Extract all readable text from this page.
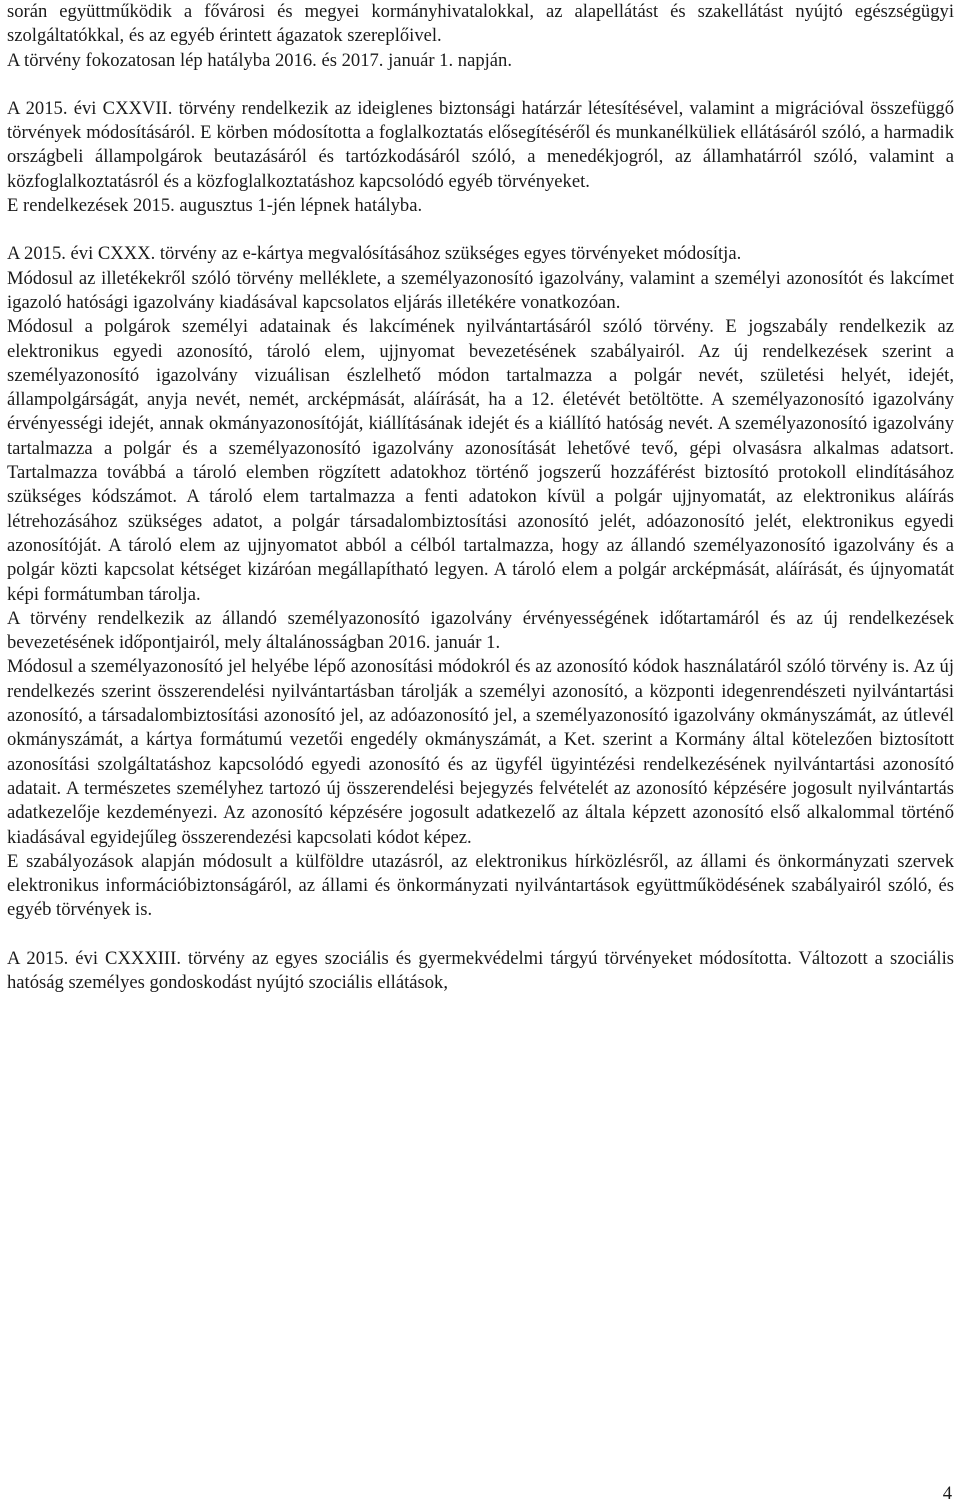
során együttműködik a fővárosi és megyei kormányhivatalokkal, az alapellátást és szakellátást nyújtó egészségügyi szolgáltatókkal, és az egyéb érintett ágazatok szereplőivel.

A törvény fokozatosan lép hatályba 2016. és 2017. január 1. napján.

A 2015. évi CXXVII. törvény rendelkezik az ideiglenes biztonsági határzár létesítésével, valamint a migrációval összefüggő törvények módosításáról. E körben módosította a foglalkoztatás elősegítéséről és munkanélküliek ellátásáról szóló, a harmadik országbeli állampolgárok beutazásáról és tartózkodásáról szóló, a menedékjogról, az államhatárról szóló, valamint a közfoglalkoztatásról és a közfoglalkoztatáshoz kapcsolódó egyéb törvényeket.

E rendelkezések 2015. augusztus 1-jén lépnek hatályba.

A 2015. évi CXXX. törvény az e-kártya megvalósításához szükséges egyes törvényeket módosítja.

Módosul az illetékekről szóló törvény melléklete, a személyazonosító igazolvány, valamint a személyi azonosítót és lakcímet igazoló hatósági igazolvány kiadásával kapcsolatos eljárás illetékére vonatkozóan.

Módosul a polgárok személyi adatainak és lakcímének nyilvántartásáról szóló törvény. E jogszabály rendelkezik az elektronikus egyedi azonosító, tároló elem, ujjnyomat bevezetésének szabályairól. Az új rendelkezések szerint a személyazonosító igazolvány vizuálisan észlelhető módon tartalmazza a polgár nevét, születési helyét, idejét, állampolgárságát, anyja nevét, nemét, arcképmását, aláírását, ha a 12. életévét betöltötte. A személyazonosító igazolvány érvényességi idejét, annak okmányazonosítóját, kiállításának idejét és a kiállító hatóság nevét. A személyazonosító igazolvány tartalmazza a polgár és a személyazonosító igazolvány azonosítását lehetővé tevő, gépi olvasásra alkalmas adatsort. Tartalmazza továbbá a tároló elemben rögzített adatokhoz történő jogszerű hozzáférést biztosító protokoll elindításához szükséges kódszámot. A tároló elem tartalmazza a fenti adatokon kívül a polgár ujjnyomatát, az elektronikus aláírás létrehozásához szükséges adatot, a polgár társadalombiztosítási azonosító jelét, adóazonosító jelét, elektronikus egyedi azonosítóját. A tároló elem az ujjnyomatot abból a célból tartalmazza, hogy az állandó személyazonosító igazolvány és a polgár közti kapcsolat kétséget kizáróan megállapítható legyen. A tároló elem a polgár arcképmását, aláírását, és újnyomatát képi formátumban tárolja.

A törvény rendelkezik az állandó személyazonosító igazolvány érvényességének időtartamáról és az új rendelkezések bevezetésének időpontjairól, mely általánosságban 2016. január 1.

Módosul a személyazonosító jel helyébe lépő azonosítási módokról és az azonosító kódok használatáról szóló törvény is. Az új rendelkezés szerint összerendelési nyilvántartásban tárolják a személyi azonosító, a központi idegenrendészeti nyilvántartási azonosító, a társadalombiztosítási azonosító jel, az adóazonosító jel, a személyazonosító igazolvány okmányszámát, az útlevél okmányszámát, a kártya formátumú vezetői engedély okmányszámát, a Ket. szerint a Kormány által kötelezően biztosított azonosítási szolgáltatáshoz kapcsolódó egyedi azonosító és az ügyfél ügyintézési rendelkezésének nyilvántartási azonosító adatait. A természetes személyhez tartozó új összerendelési bejegyzés felvételét az azonosító képzésére jogosult nyilvántartás adatkezelője kezdeményezi. Az azonosító képzésére jogosult adatkezelő az általa képzett azonosító első alkalommal történő kiadásával egyidejűleg összerendezési kapcsolati kódot képez.

E szabályozások alapján módosult a külföldre utazásról, az elektronikus hírközlésről, az állami és önkormányzati szervek elektronikus információbiztonságáról, az állami és önkormányzati nyilvántartások együttműködésének szabályairól szóló, és egyéb törvények is.

A 2015. évi CXXXIII. törvény az egyes szociális és gyermekvédelmi tárgyú törvényeket módosította. Változott a szociális hatóság személyes gondoskodást nyújtó szociális ellátások,

4
